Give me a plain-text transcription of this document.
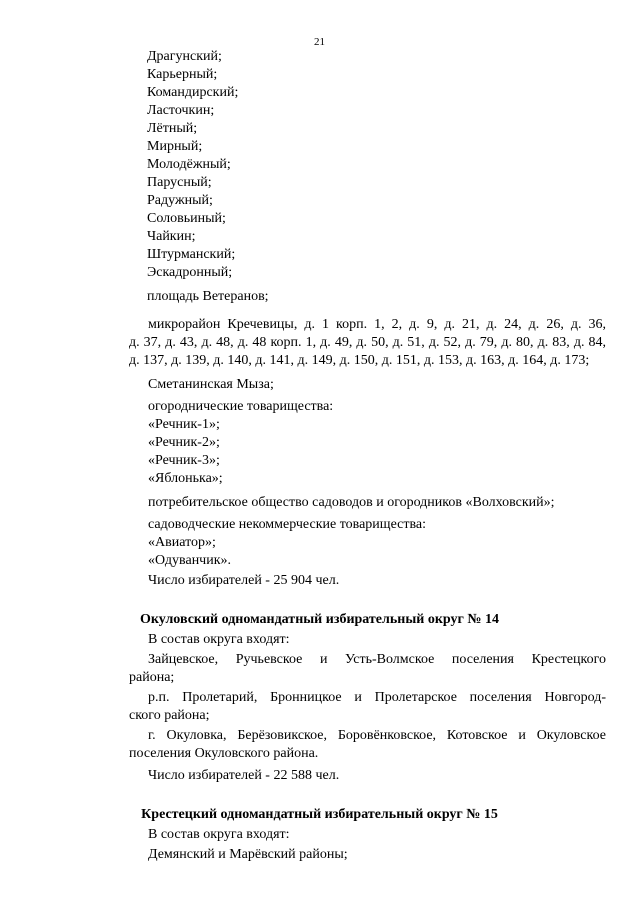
21

Драгунский;

Карьерный;

Командирский;

Ласточкин;

Лётный;

Мирный;

Молодёжный;

Парусный;

Радужный;

Соловьиный;

Чайкин;

Штурманский;

Эскадронный;

площадь Ветеранов;

микрорайон Кречевицы, д. 1 корп. 1, 2, д. 9, д. 21, д. 24, д. 26, д. 36,

д. 37, д. 43, д. 48, д. 48 корп. 1, д. 49, д. 50, д. 51, д. 52, д. 79, д. 80, д. 83, д. 84,

д. 137, д. 139, д. 140, д. 141, д. 149, д. 150, д. 151, д. 153, д. 163, д. 164, д. 173;

Сметанинская Мыза;

огороднические товарищества:

«Речник-1»;

«Речник-2»;

«Речник-3»;

«Яблонька»;

потребительское общество садоводов и огородников «Волховский»;

садоводческие некоммерческие товарищества:

«Авиатор»;

«Одуванчик».

Число избирателей - 25 904 чел.

Окуловский одномандатный избирательный округ № 14

В состав округа входят:

Зайцевское, Ручьевское и Усть-Волмское поселения Крестецкого

района;

р.п. Пролетарий, Бронницкое и Пролетарское поселения Новгород-

ского района;

г. Окуловка, Берёзовикское, Боровёнковское, Котовское и Окуловское

поселения Окуловского района.

Число избирателей - 22 588 чел.

Крестецкий одномандатный избирательный округ № 15

В состав округа входят:

Демянский и Марёвский районы;
